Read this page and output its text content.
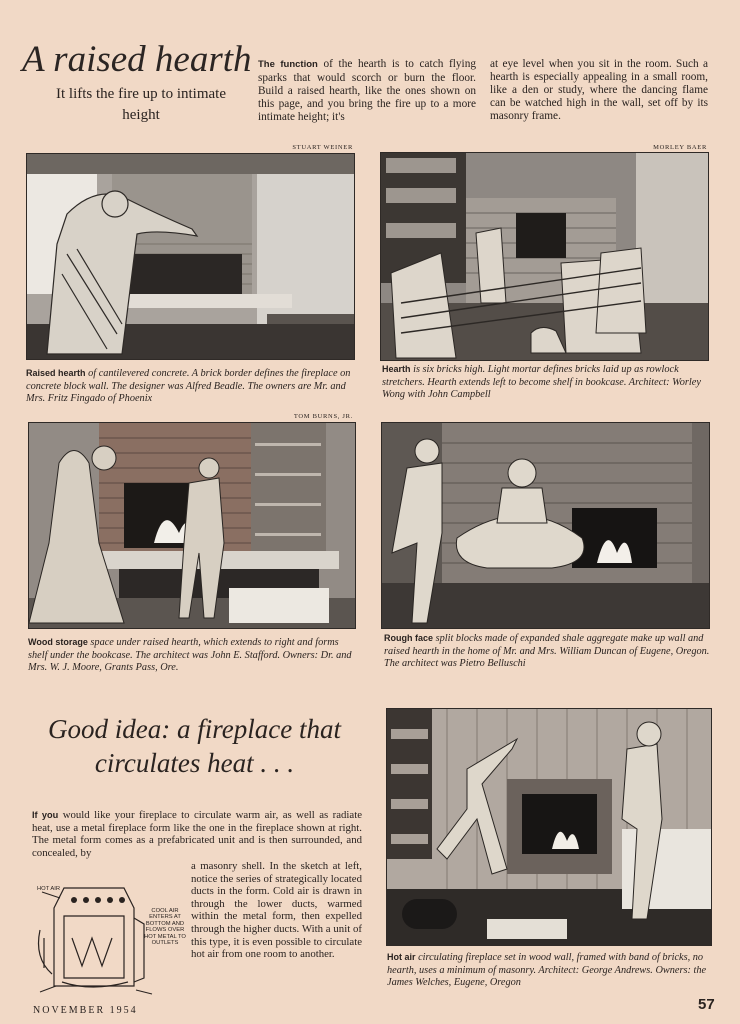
A raised hearth
It lifts the fire up to intimate height
The function of the hearth is to catch flying sparks that would scorch or burn the floor. Build a raised hearth, like the ones shown on this page, and you bring the fire up to a more intimate height; it's
at eye level when you sit in the room. Such a hearth is especially appealing in a small room, like a den or study, where the dancing flame can be watched high in the wall, set off by its masonry frame.
STUART WEINER
Raised hearth of cantilevered concrete. A brick border defines the fireplace on concrete block wall. The designer was Alfred Beadle. The owners are Mr. and Mrs. Fritz Fingado of Phoenix
MORLEY BAER
Hearth is six bricks high. Light mortar defines bricks laid up as rowlock stretchers. Hearth extends left to become shelf in bookcase. Architect: Worley Wong with John Campbell
TOM BURNS, JR.
Wood storage space under raised hearth, which extends to right and forms shelf under the bookcase. The architect was John E. Stafford. Owners: Dr. and Mrs. W. J. Moore, Grants Pass, Ore.
Rough face split blocks made of expanded shale aggregate make up wall and raised hearth in the home of Mr. and Mrs. William Duncan of Eugene, Oregon. The architect was Pietro Belluschi
Good idea: a fireplace that
circulates heat . . .
If you would like your fireplace to circulate warm air, as well as radiate heat, use a metal fireplace form like the one in the fireplace shown at right. The metal form comes as a prefabricated unit and is then surrounded, and concealed, by
a masonry shell. In the sketch at left, notice the series of strategically located ducts in the form. Cold air is drawn in through the lower ducts, warmed within the metal form, then expelled through the higher ducts. With a unit of this type, it is even possible to circulate hot air from one room to another.
HOT AIR
COOL AIR ENTERS AT BOTTOM AND FLOWS OVER HOT METAL TO OUTLETS
Hot air circulating fireplace set in wood wall, framed with band of bricks, no hearth, uses a minimum of masonry. Architect: George Andrews. Owners: the James Welches, Eugene, Oregon
NOVEMBER 1954	57
